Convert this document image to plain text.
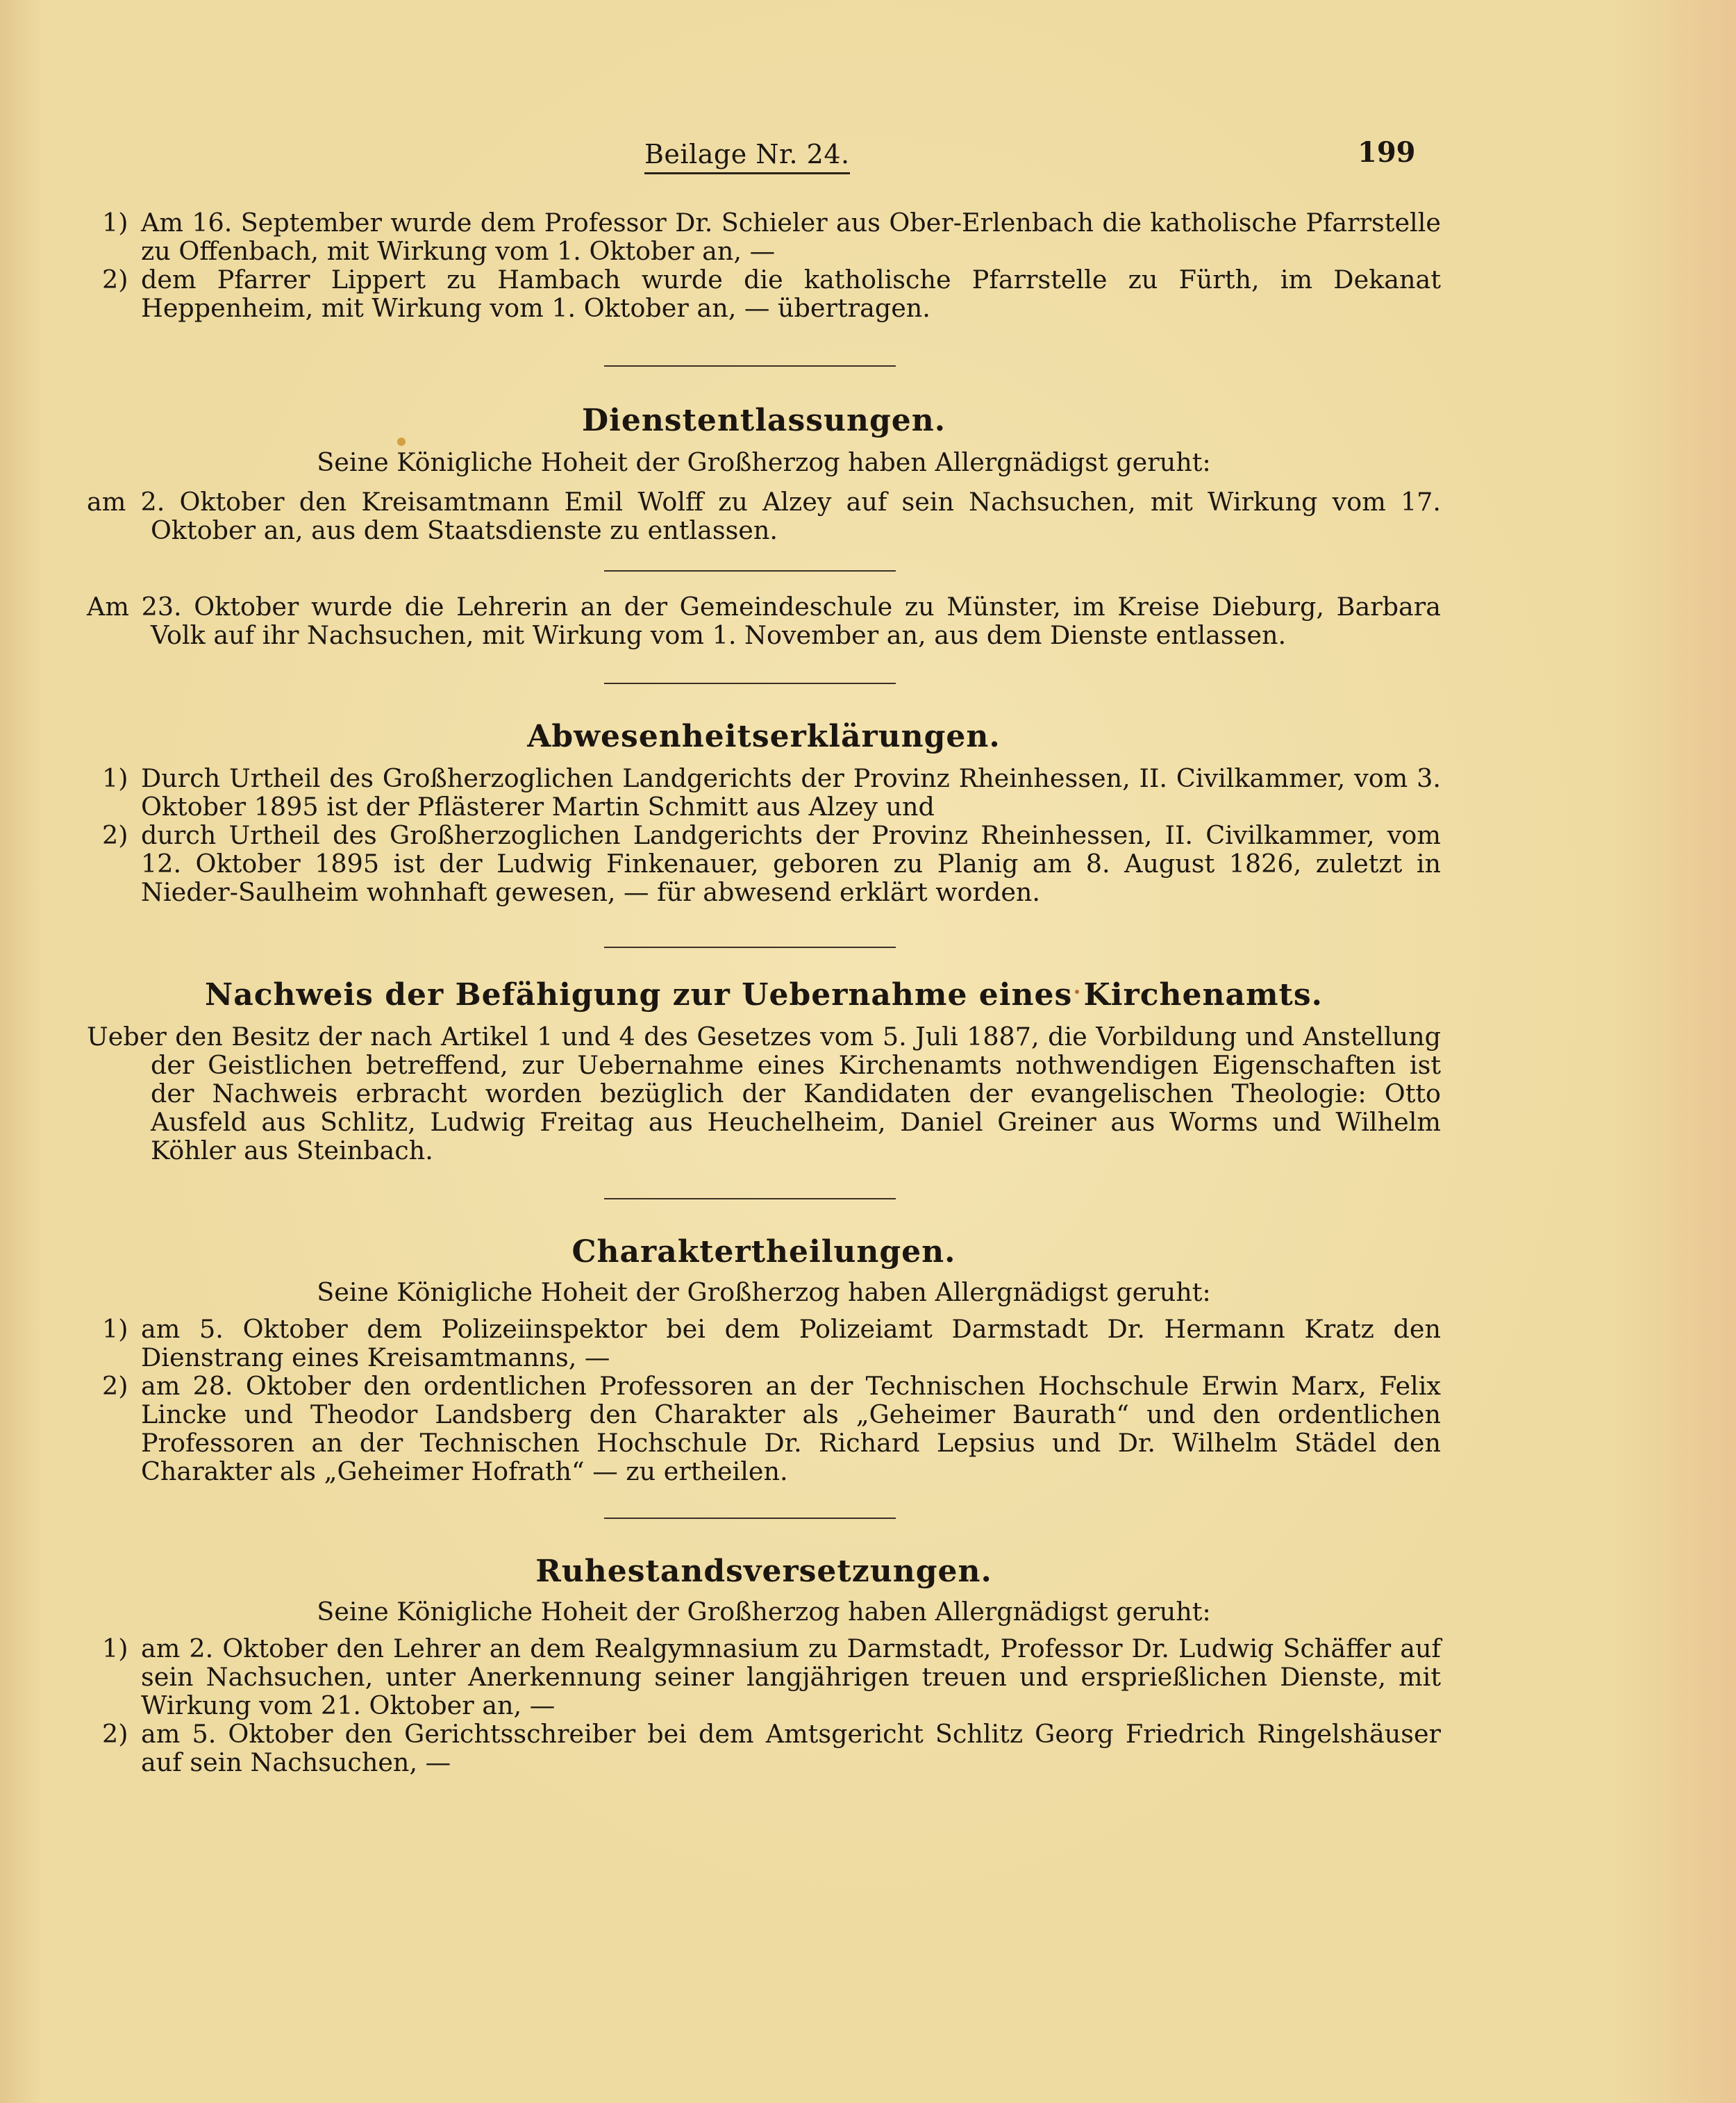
Beilage Nr. 24.	199
1) Am 16. September wurde dem Professor Dr. Schieler aus Ober-Erlenbach die katholische Pfarrstelle zu Offenbach, mit Wirkung vom 1. Oktober an, —
2) dem Pfarrer Lippert zu Hambach wurde die katholische Pfarrstelle zu Fürth, im Dekanat Heppenheim, mit Wirkung vom 1. Oktober an, — übertragen.
Dienstentlassungen.

Seine Königliche Hoheit der Großherzog haben Allergnädigst geruht:

am 2. Oktober den Kreisamtmann Emil Wolff zu Alzey auf sein Nachsuchen, mit Wirkung vom 17. Oktober an, aus dem Staatsdienste zu entlassen.

Am 23. Oktober wurde die Lehrerin an der Gemeindeschule zu Münster, im Kreise Dieburg, Barbara Volk auf ihr Nachsuchen, mit Wirkung vom 1. November an, aus dem Dienste entlassen.

Abwesenheitserklärungen.
1) Durch Urtheil des Großherzoglichen Landgerichts der Provinz Rheinhessen, II. Civilkammer, vom 3. Oktober 1895 ist der Pflästerer Martin Schmitt aus Alzey und
2) durch Urtheil des Großherzoglichen Landgerichts der Provinz Rheinhessen, II. Civilkammer, vom 12. Oktober 1895 ist der Ludwig Finkenauer, geboren zu Planig am 8. August 1826, zuletzt in Nieder-Saulheim wohnhaft gewesen, — für abwesend erklärt worden.
Nachweis der Befähigung zur Uebernahme eines Kirchenamts.

Ueber den Besitz der nach Artikel 1 und 4 des Gesetzes vom 5. Juli 1887, die Vorbildung und Anstellung der Geistlichen betreffend, zur Uebernahme eines Kirchenamts nothwendigen Eigenschaften ist der Nachweis erbracht worden bezüglich der Kandidaten der evangelischen Theologie: Otto Ausfeld aus Schlitz, Ludwig Freitag aus Heuchelheim, Daniel Greiner aus Worms und Wilhelm Köhler aus Steinbach.

Charaktertheilungen.

Seine Königliche Hoheit der Großherzog haben Allergnädigst geruht:

1) am 5. Oktober dem Polizeiinspektor bei dem Polizeiamt Darmstadt Dr. Hermann Kratz den Dienstrang eines Kreisamtmanns, —
2) am 28. Oktober den ordentlichen Professoren an der Technischen Hochschule Erwin Marx, Felix Lincke und Theodor Landsberg den Charakter als „Geheimer Baurath“ und den ordentlichen Professoren an der Technischen Hochschule Dr. Richard Lepsius und Dr. Wilhelm Städel den Charakter als „Geheimer Hofrath“ — zu ertheilen.
Ruhestandsversetzungen.

Seine Königliche Hoheit der Großherzog haben Allergnädigst geruht:

1) am 2. Oktober den Lehrer an dem Realgymnasium zu Darmstadt, Professor Dr. Ludwig Schäffer auf sein Nachsuchen, unter Anerkennung seiner langjährigen treuen und ersprießlichen Dienste, mit Wirkung vom 21. Oktober an, —
2) am 5. Oktober den Gerichtsschreiber bei dem Amtsgericht Schlitz Georg Friedrich Ringelshäuser auf sein Nachsuchen, —
